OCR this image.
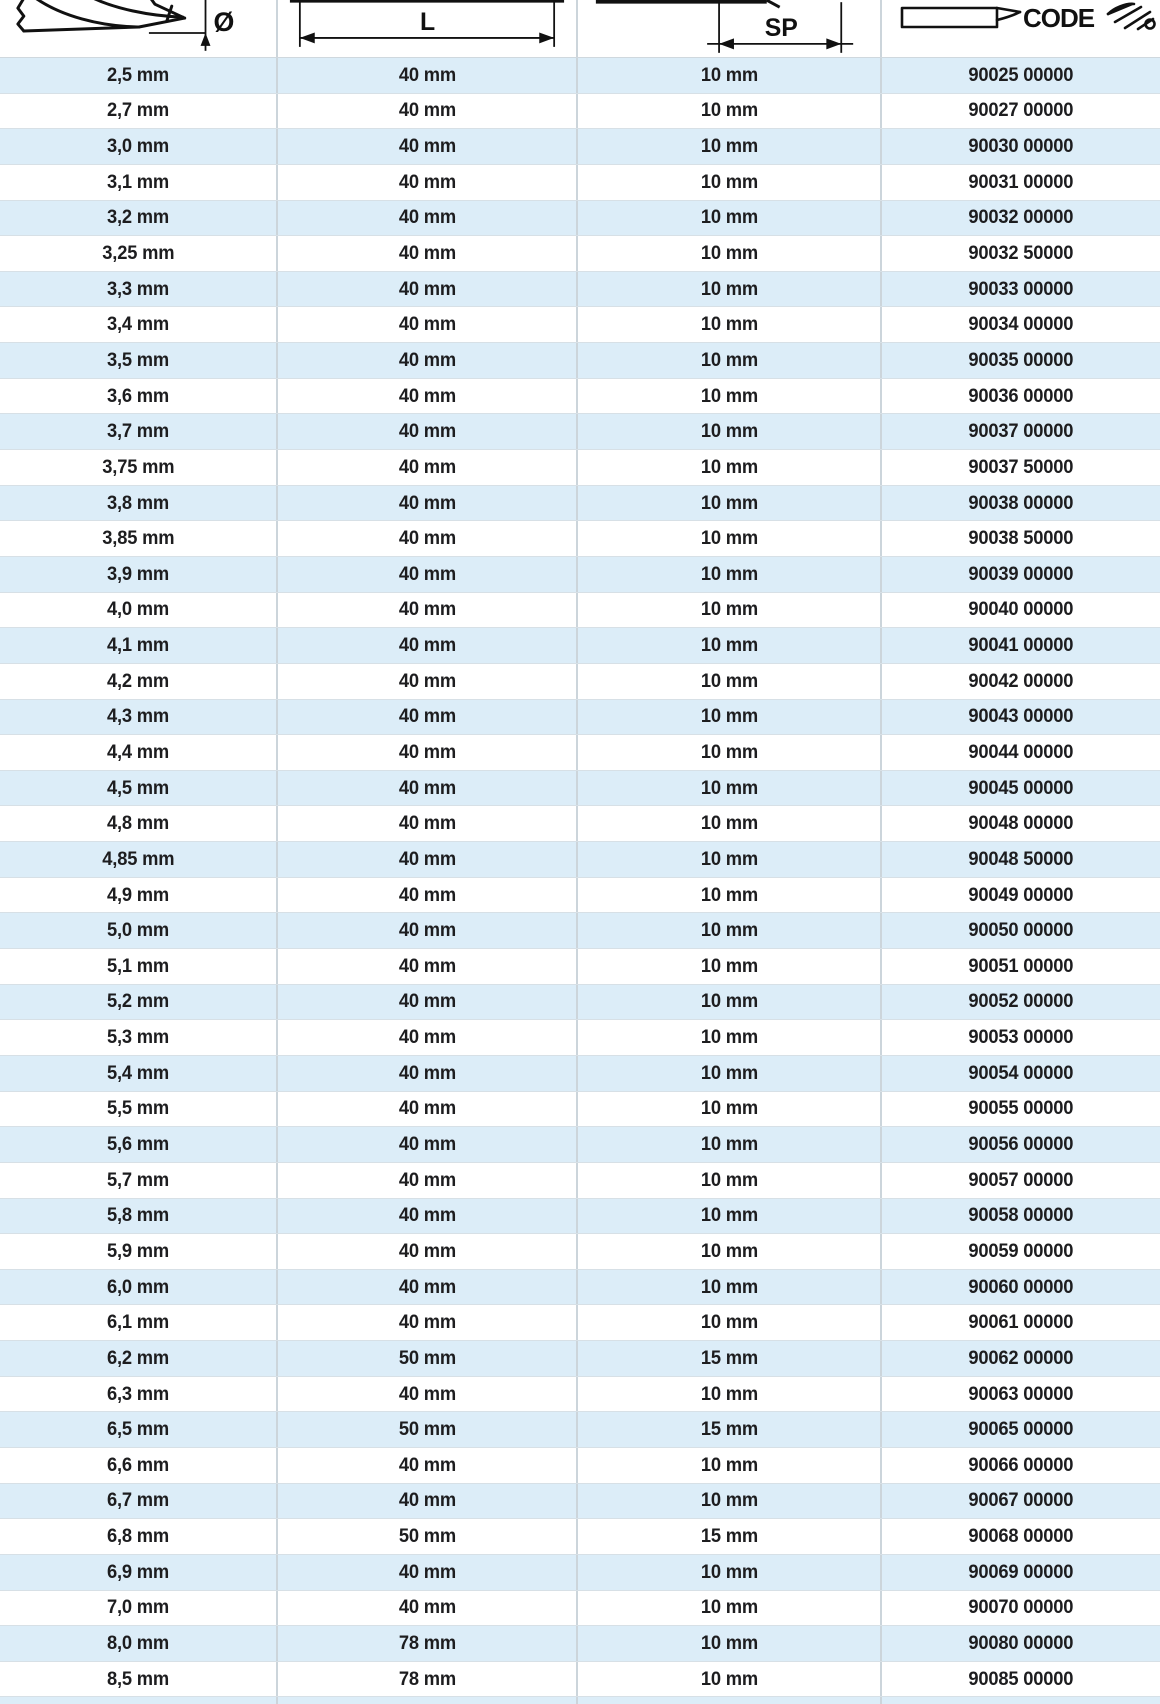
Ø	L	SP	CODE
2,5 mm	40 mm	10 mm	90025 00000
2,7 mm	40 mm	10 mm	90027 00000
3,0 mm	40 mm	10 mm	90030 00000
3,1 mm	40 mm	10 mm	90031 00000
3,2 mm	40 mm	10 mm	90032 00000
3,25 mm	40 mm	10 mm	90032 50000
3,3 mm	40 mm	10 mm	90033 00000
3,4 mm	40 mm	10 mm	90034 00000
3,5 mm	40 mm	10 mm	90035 00000
3,6 mm	40 mm	10 mm	90036 00000
3,7 mm	40 mm	10 mm	90037 00000
3,75 mm	40 mm	10 mm	90037 50000
3,8 mm	40 mm	10 mm	90038 00000
3,85 mm	40 mm	10 mm	90038 50000
3,9 mm	40 mm	10 mm	90039 00000
4,0 mm	40 mm	10 mm	90040 00000
4,1 mm	40 mm	10 mm	90041 00000
4,2 mm	40 mm	10 mm	90042 00000
4,3 mm	40 mm	10 mm	90043 00000
4,4 mm	40 mm	10 mm	90044 00000
4,5 mm	40 mm	10 mm	90045 00000
4,8 mm	40 mm	10 mm	90048 00000
4,85 mm	40 mm	10 mm	90048 50000
4,9 mm	40 mm	10 mm	90049 00000
5,0 mm	40 mm	10 mm	90050 00000
5,1 mm	40 mm	10 mm	90051 00000
5,2 mm	40 mm	10 mm	90052 00000
5,3 mm	40 mm	10 mm	90053 00000
5,4 mm	40 mm	10 mm	90054 00000
5,5 mm	40 mm	10 mm	90055 00000
5,6 mm	40 mm	10 mm	90056 00000
5,7 mm	40 mm	10 mm	90057 00000
5,8 mm	40 mm	10 mm	90058 00000
5,9 mm	40 mm	10 mm	90059 00000
6,0 mm	40 mm	10 mm	90060 00000
6,1 mm	40 mm	10 mm	90061 00000
6,2 mm	50 mm	15 mm	90062 00000
6,3 mm	40 mm	10 mm	90063 00000
6,5 mm	50 mm	15 mm	90065 00000
6,6 mm	40 mm	10 mm	90066 00000
6,7 mm	40 mm	10 mm	90067 00000
6,8 mm	50 mm	15 mm	90068 00000
6,9 mm	40 mm	10 mm	90069 00000
7,0 mm	40 mm	10 mm	90070 00000
8,0 mm	78 mm	10 mm	90080 00000
8,5 mm	78 mm	10 mm	90085 00000
